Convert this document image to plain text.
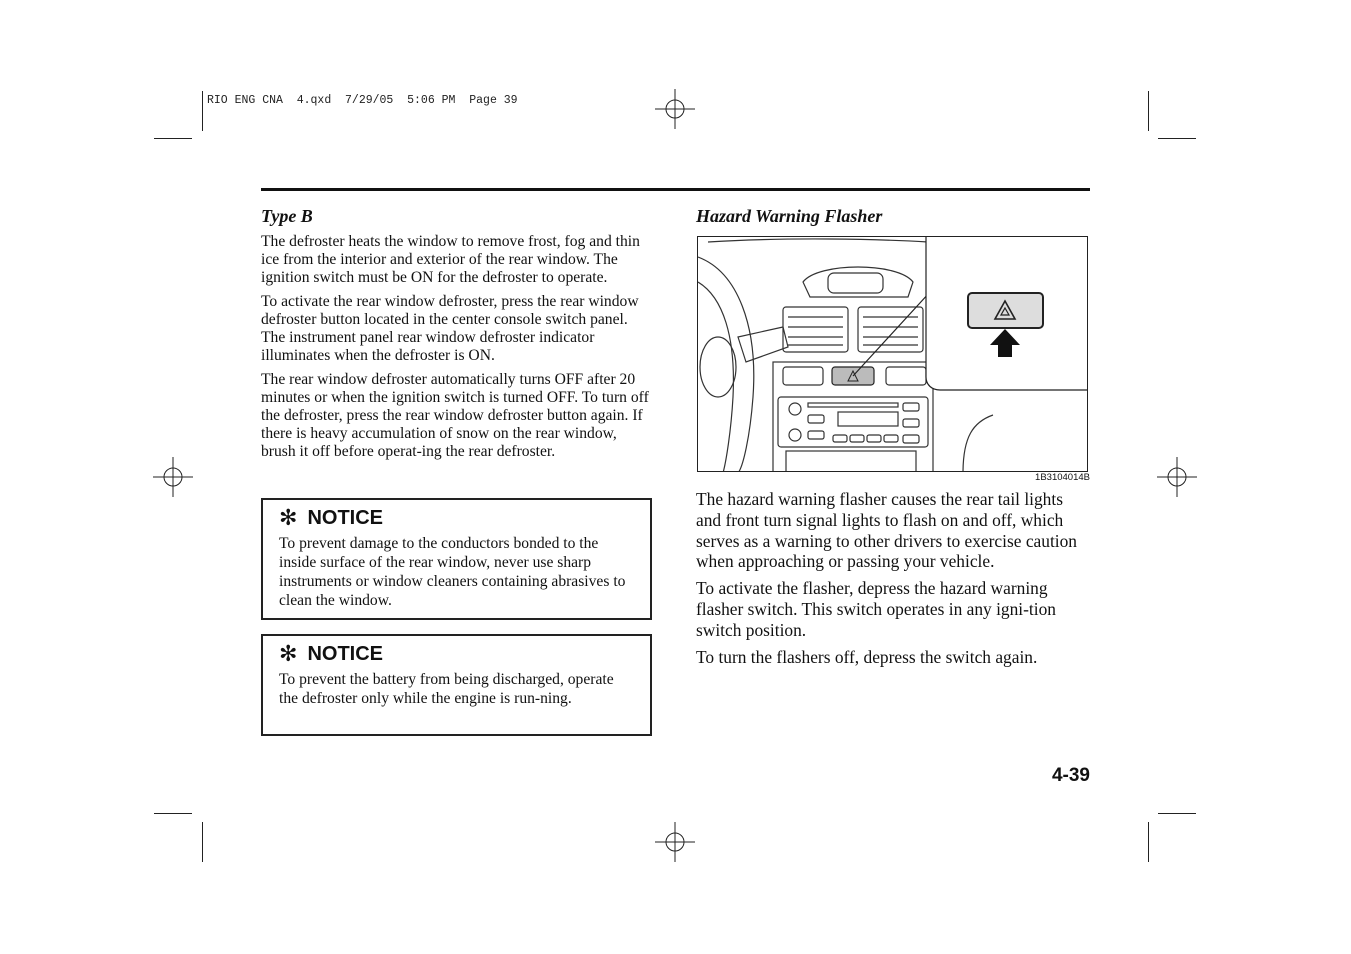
RIO ENG CNA  4.qxd  7/29/05  5:06 PM  Page 39
Type B

The defroster heats the window to remove frost, fog and thin ice from the interior and exterior of the rear window. The ignition switch must be ON for the defroster to operate.

To activate the rear window defroster, press the rear window defroster button located in the center console switch panel. The instrument panel rear window defroster indicator illuminates when the defroster is ON.

The rear window defroster automatically turns OFF after 20 minutes or when the ignition switch is turned OFF. To turn off the defroster, press the rear window defroster button again. If there is heavy accumulation of snow on the rear window, brush it off before operat-ing the rear defroster.

✻ NOTICE
To prevent damage to the conductors bonded to the inside surface of the rear window, never use sharp instruments or window cleaners containing abrasives to clean the window.
✻ NOTICE
To prevent the battery from being discharged, operate the defroster only while the engine is run-ning.
Hazard Warning Flasher
1B3104014B

The hazard warning flasher causes the rear tail lights and front turn signal lights to flash on and off, which serves as a warning to other drivers to exercise caution when approaching or passing your vehicle.

To activate the flasher, depress the hazard warning flasher switch. This switch operates in any igni-tion switch position.

To turn the flashers off, depress the switch again.

4-39
